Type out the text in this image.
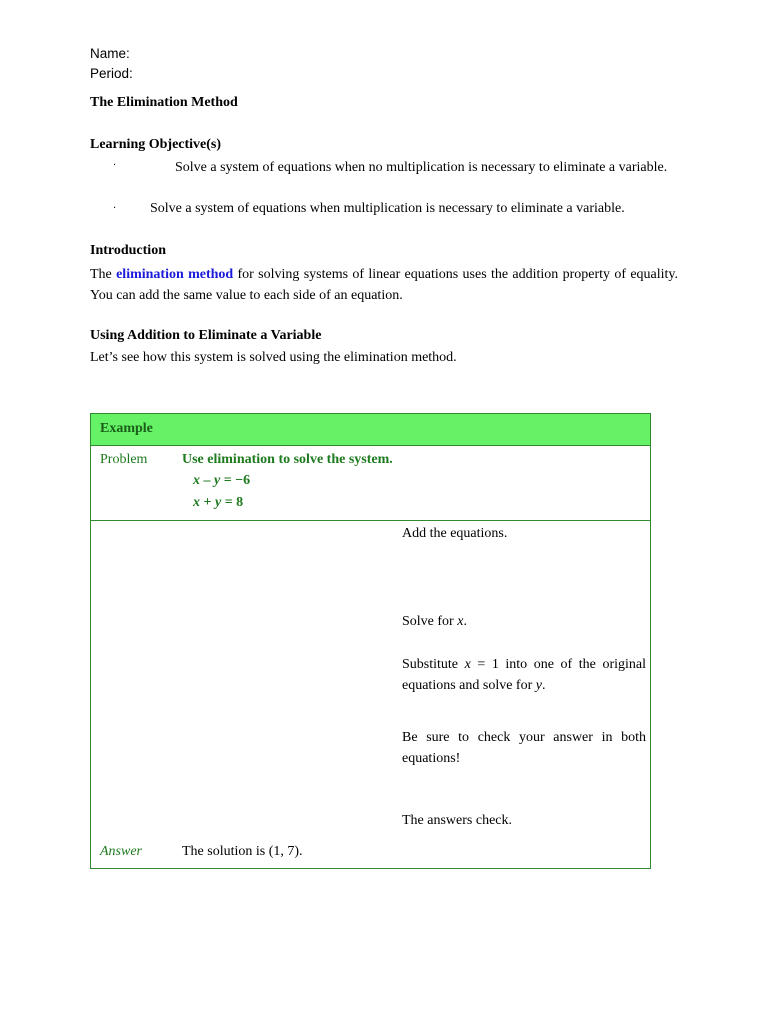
Name:
Period:
The Elimination Method
Learning Objective(s)
·	Solve a system of equations when no multiplication is necessary to eliminate a variable.
· Solve a system of equations when multiplication is necessary to eliminate a variable.
Introduction
The elimination method for solving systems of linear equations uses the addition property of equality. You can add the same value to each side of an equation.
Using Addition to Eliminate a Variable
Let’s see how this system is solved using the elimination method.
Example
Problem Use elimination to solve the system.
x – y = −6
x + y = 8
Add the equations.
Solve for x.
Substitute x = 1 into one of the original equations and solve for y.
Be sure to check your answer in both equations!
The answers check.
Answer	The solution is (1, 7).
